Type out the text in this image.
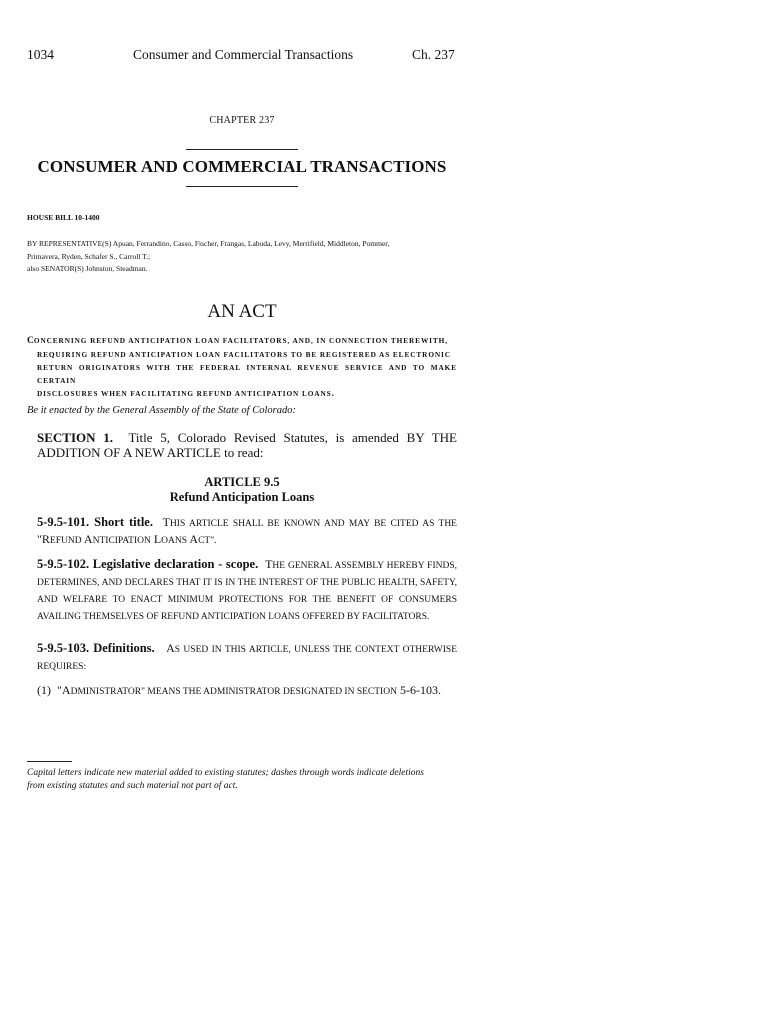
1034	Consumer and Commercial Transactions	Ch. 237
CHAPTER 237
CONSUMER AND COMMERCIAL TRANSACTIONS
HOUSE BILL 10-1400
BY REPRESENTATIVE(S) Apuan, Ferrandino, Casso, Fischer, Frangas, Labuda, Levy, Merrifield, Middleton, Pommer,
Primavera, Ryden, Schafer S., Carroll T.;
also SENATOR(S) Johnston, Steadman.
AN ACT
CONCERNING REFUND ANTICIPATION LOAN FACILITATORS, AND, IN CONNECTION THEREWITH,
REQUIRING REFUND ANTICIPATION LOAN FACILITATORS TO BE REGISTERED AS ELECTRONIC
RETURN ORIGINATORS WITH THE FEDERAL INTERNAL REVENUE SERVICE AND TO MAKE CERTAIN
DISCLOSURES WHEN FACILITATING REFUND ANTICIPATION LOANS.
Be it enacted by the General Assembly of the State of Colorado:
SECTION 1. Title 5, Colorado Revised Statutes, is amended BY THE ADDITION OF A NEW ARTICLE to read:
ARTICLE 9.5
Refund Anticipation Loans
5-9.5-101. Short title. THIS ARTICLE SHALL BE KNOWN AND MAY BE CITED AS THE "REFUND ANTICIPATION LOANS ACT".
5-9.5-102. Legislative declaration - scope. THE GENERAL ASSEMBLY HEREBY FINDS, DETERMINES, AND DECLARES THAT IT IS IN THE INTEREST OF THE PUBLIC HEALTH, SAFETY, AND WELFARE TO ENACT MINIMUM PROTECTIONS FOR THE BENEFIT OF CONSUMERS AVAILING THEMSELVES OF REFUND ANTICIPATION LOANS OFFERED BY FACILITATORS.
5-9.5-103. Definitions. AS USED IN THIS ARTICLE, UNLESS THE CONTEXT OTHERWISE REQUIRES:
(1) "ADMINISTRATOR" MEANS THE ADMINISTRATOR DESIGNATED IN SECTION 5-6-103.
Capital letters indicate new material added to existing statutes; dashes through words indicate deletions
from existing statutes and such material not part of act.
